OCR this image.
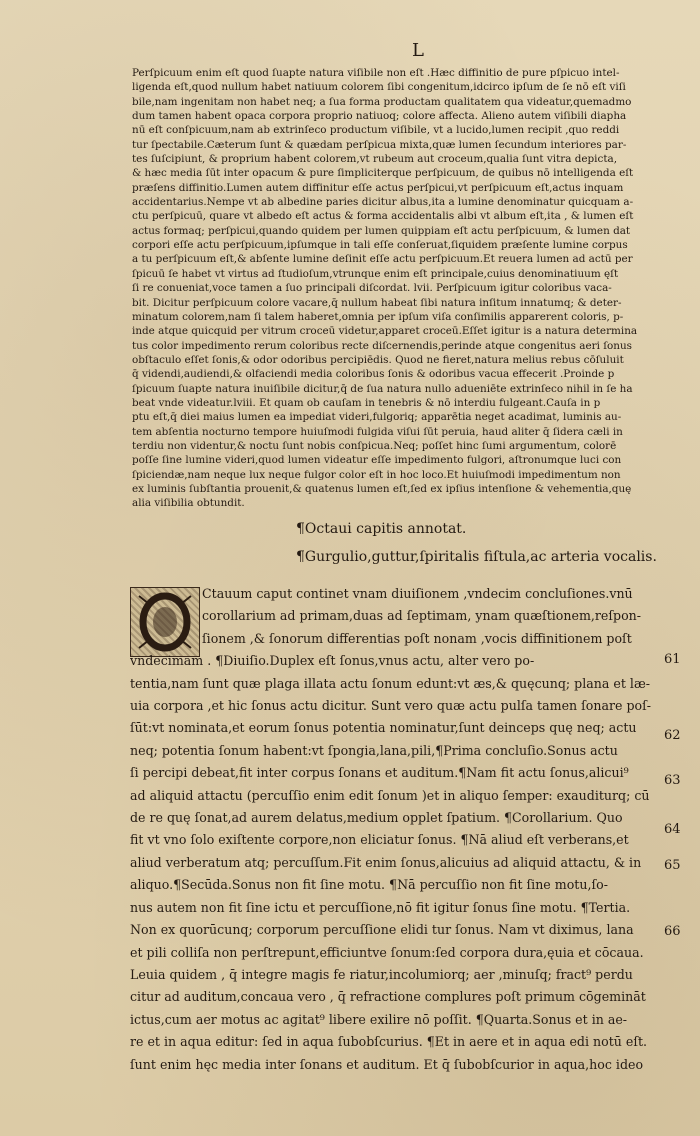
L
Perſpicuum enim eſt quod ſuapte natura viſibile non eſt .Hæc diffinitio de pure pſpicuo intel-
ligenda eſt,quod nullum habet natiuum colorem ſibi congenitum,idcirco ipſum de ſe nō eſt viſi
bile,nam ingenitam non habet neq; a ſua forma productam qualitatem qua videatur,quemadmo
dum tamen habent opaca corpora proprio natiuoq; colore affecta. Alieno autem viſibili diapha
nū eſt conſpicuum,nam ab extrinſeco productum viſibile, vt a lucido,lumen recipit ,quo reddi
tur ſpectabile.Cæterum ſunt & quædam perſpicua mixta,quæ lumen ſecundum interiores par-
tes ſuſcipiunt, & proprium habent colorem,vt rubeum aut croceum,qualia ſunt vitra depicta,
& hæc media ſūt inter opacum & pure ſimpliciterque perſpicuum, de quibus nō intelligenda eſt
præſens diffinitio.Lumen autem diffinitur eſſe actus perſpicui,vt perſpicuum eſt,actus inquam
accidentarius.Nempe vt ab albedine paries dicitur albus,ita a lumine denominatur quicquam a-
ctu perſpicuū, quare vt albedo eſt actus & forma accidentalis albi vt album eſt,ita , & lumen eſt
actus formaq; perſpicui,quando quidem per lumen quippiam eſt actu perſpicuum, & lumen dat
corpori eſſe actu perſpicuum,ipſumque in tali eſſe conſeruat,ſiquidem præſente lumine corpus
a tu perſpicuum eſt,& abſente lumine deſinit eſſe actu perſpicuum.Et reuera lumen ad actū per
ſpicuū ſe habet vt virtus ad ſtudioſum,vtrunque enim eſt principale,cuius denominatiuum ęſt
ſi re conueniat,voce tamen a ſuo principali diſcordat. lvii. Perſpicuum igitur coloribus vaca-
bit. Dicitur perſpicuum colore vacare,q̄ nullum habeat ſibi natura inſitum innatumq; & deter-
minatum colorem,nam ſi talem haberet,omnia per ipſum viſa conſimilis apparerent coloris, p-
inde atque quicquid per vitrum croceū videtur,apparet croceū.Eſſet igitur is a natura determina
tus color impedimento rerum coloribus recte diſcernendis,perinde atque congenitus aeri ſonus
obſtaculo eſſet ſonis,& odor odoribus percipiēdis. Quod ne fieret,natura melius rebus cōſuluit
q̄ videndi,audiendi,& olfaciendi media coloribus ſonis & odoribus vacua effecerit .Proinde p
ſpicuum ſuapte natura inuiſibile dicitur,q̄ de ſua natura nullo adueniēte extrinſeco nihil in ſe ha
beat vnde videatur.lviii. Et quam ob cauſam in tenebris & nō interdiu fulgeant.Cauſa in p
ptu eſt,q̄ diei maius lumen ea impediat videri,fulgoriq; apparētia neget acadimat, luminis au-
tem abſentia nocturno tempore huiuſmodi fulgida viſui ſūt peruia, haud aliter q̄ ſidera cæli in
terdiu non videntur,& noctu ſunt nobis conſpicua.Neq; poſſet hinc ſumi argumentum, colorē
poſſe ſine lumine videri,quod lumen videatur eſſe impedimento fulgori, aſtronumque luci con
ſpiciendæ,nam neque lux neque fulgor color eſt in hoc loco.Et huiuſmodi impedimentum non
ex luminis ſubſtantia prouenit,& quatenus lumen eſt,ſed ex ipſius intenſione & vehementia,quę
alia viſibilia obtundit.
¶Octaui capitis annotat.
¶Gurgulio,guttur,ſpiritalis fiſtula,ac arteria vocalis.
Ctauum caput continet vnam diuiſionem ,vndecim concluſiones.vnū
corollarium ad primam,duas ad ſeptimam, ynam quæſtionem,reſpon-
ſionem ,& ſonorum differentias poſt nonam ,vocis diffinitionem poſt
vndecimam . ¶Diuiſio.Duplex eſt ſonus,vnus actu, alter vero po-
tentia,nam ſunt quæ plaga illata actu ſonum edunt:vt æs,& quęcunq; plana et læ-
uia corpora ,et hic ſonus actu dicitur. Sunt vero quæ actu pulſa tamen ſonare poſ-
ſūt:vt nominata,et eorum ſonus potentia nominatur,ſunt deinceps quę neq; actu
neq; potentia ſonum habent:vt ſpongia,lana,pili,¶Prima concluſio.Sonus actu
ſi percipi debeat,fit inter corpus ſonans et auditum.¶Nam fit actu ſonus,alicui⁹
ad aliquid attactu (percuſſio enim edit ſonum )et in aliquo ſemper: exauditurq; cū
de re quę ſonat,ad aurem delatus,medium opplet ſpatium. ¶Corollarium. Quo
fit vt vno ſolo exiſtente corpore,non eliciatur ſonus. ¶Nā aliud eſt verberans,et
aliud verberatum atq; percuſſum.Fit enim ſonus,alicuius ad aliquid attactu, & in
aliquo.¶Secūda.Sonus non fit ſine motu. ¶Nā percuſſio non fit ſine motu,ſo-
nus autem non fit ſine ictu et percuſſione,nō fit igitur ſonus ſine motu. ¶Tertia.
Non ex quorūcunq; corporum percuſſione elidi tur ſonus. Nam vt diximus, lana
et pili colliſa non perſtrepunt,efficiuntve ſonum:ſed corpora dura,ęuia et cōcaua.
Leuia quidem , q̄ integre magis fe riatur,incolumiorq; aer ,minuſq; fract⁹ perdu
citur ad auditum,concaua vero , q̄ refractione complures poſt primum cōgemināt
ictus,cum aer motus ac agitat⁹ libere exilire nō poſſit. ¶Quarta.Sonus et in ae-
re et in aqua editur: ſed in aqua ſubobſcurius. ¶Et in aere et in aqua edi notū eſt.
ſunt enim hęc media inter ſonans et auditum. Et q̄ ſubobſcurior in aqua,hoc ideo
61
62
63
64
65
66
